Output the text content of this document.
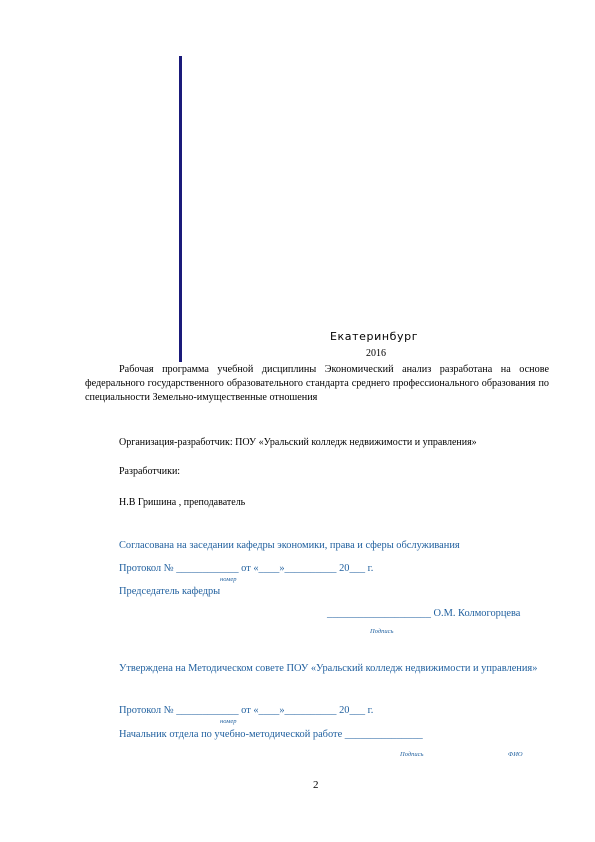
Екатеринбург
2016
Рабочая программа учебной дисциплины Экономический анализ разработана на основе федерального государственного образовательного стандарта среднего профессионального образования по специальности Земельно-имущественные отношения
Организация-разработчик: ПОУ «Уральский колледж недвижимости и управления»
Разработчики:
Н.В Гришина , преподаватель
Согласована на заседании кафедры экономики, права и сферы обслуживания
Протокол № ____________ от «____»__________ 20___ г.
номер
Председатель кафедры
____________________ О.М. Колмогорцева
Подпись
Утверждена на Методическом совете ПОУ «Уральский колледж недвижимости и управления»
Протокол № ____________ от «____»__________ 20___ г.
номер
Начальник отдела по учебно-методической работе _______________
Подпись	ФИО
2
